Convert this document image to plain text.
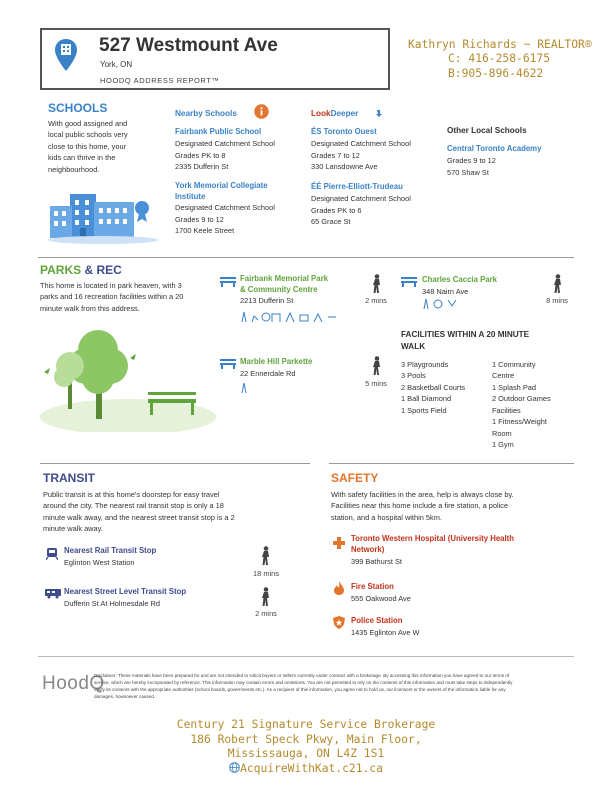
527 Westmount Ave
York, ON
HOODQ ADDRESS REPORT™
Kathryn Richards ~ REALTOR®
C: 416-258-6175
B:905-896-4622
SCHOOLS
With good assigned and
local public schools very
close to this home, your
kids can thrive in the
neighbourhood.
Nearby Schools	LookDeeper
Other Local Schools
Fairbank Public School
Designated Catchment School
Grades PK to 8
2335 Dufferin St
York Memorial Collegiate
Institute
Designated Catchment School
Grades 9 to 12
1700 Keele Street
ÉS Toronto Ouest
Designated Catchment School
Grades 7 to 12
330 Lansdowne Ave
ÉÉ Pierre-Elliott-Trudeau
Designated Catchment School
Grades PK to 6
65 Grace St
Central Toronto Academy
Grades 9 to 12
570 Shaw St
PARKS & REC
This home is located in park heaven, with 3
parks and 16 recreation facilities within a 20
minute walk from this address.
Fairbank Memorial Park
& Community Centre
2213 Dufferin St	2 mins
Marble Hill Parkette
22 Ennerdale Rd
5 mins
Charles Caccia Park
348 Nairn Ave
8 mins
FACILITIES WITHIN A 20 MINUTE
WALK
3 Playgrounds
3 Pools
2 Basketball Courts
1 Ball Diamond
1 Sports Field
1 Community
Centre
1 Splash Pad
2 Outdoor Games
Facilities
1 Fitness/Weight
Room
1 Gym
TRANSIT
Public transit is at this home's doorstep for easy travel
around the city. The nearest rail transit stop is only a 18
minute walk away, and the nearest street transit stop is a 2
minute walk away.
Nearest Rail Transit Stop
Eglinton West Station
18 mins
Nearest Street Level Transit Stop
Dufferin St At Holmesdale Rd
2 mins
SAFETY
With safety facilities in the area, help is always close by.
Facilities near this home include a fire station, a police
station, and a hospital within 5km.
Toronto Western Hospital (University Health
Network)
399 Bathurst St
Fire Station
555 Oakwood Ave
Police Station
1435 Eglinton Ave W
HoodQ
Disclaimer: These materials have been prepared for and are not intended to solicit buyers or sellers currently under contract with a brokerage. By accessing this information you have agreed to our terms of
service, which are hereby incorporated by reference. This information may contain errors and omissions. You are not permitted to rely on the contents of this information and must take steps to independently
verify its contents with the appropriate authorities (school boards, governments etc.). As a recipient of this information, you agree not to hold us, our licensors or the owners of the information liable for any
damages, howsoever caused.
Century 21 Signature Service Brokerage
186 Robert Speck Pkwy, Main Floor,
Mississauga, ON L4Z 1S1
AcquireWithKat.c21.ca
